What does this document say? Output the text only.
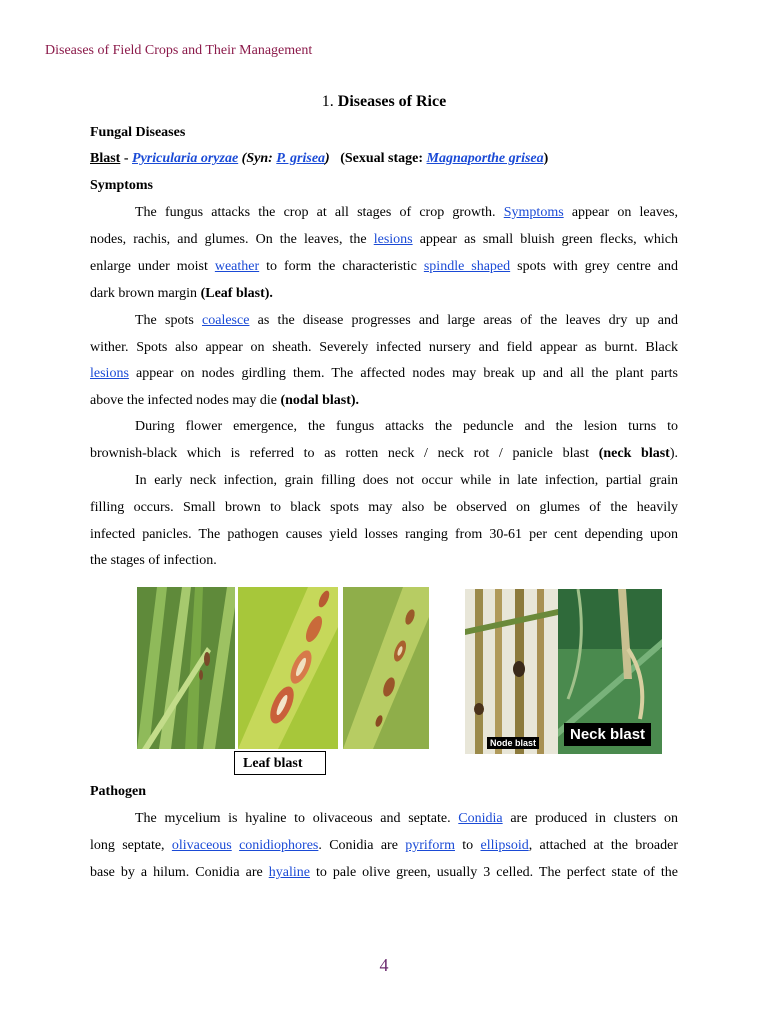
Diseases of Field Crops and Their Management
1. Diseases of Rice
Fungal Diseases
Blast - Pyricularia oryzae (Syn: P. grisea) (Sexual stage: Magnaporthe grisea)
Symptoms
The fungus attacks the crop at all stages of crop growth. Symptoms appear on leaves,
nodes, rachis, and glumes. On the leaves, the lesions appear as small bluish green flecks, which
enlarge under moist weather to form the characteristic spindle shaped spots with grey centre and
dark brown margin (Leaf blast).
The spots coalesce as the disease progresses and large areas of the leaves dry up and
wither. Spots also appear on sheath. Severely infected nursery and field appear as burnt. Black
lesions appear on nodes girdling them. The affected nodes may break up and all the plant parts
above the infected nodes may die (nodal blast).
During flower emergence, the fungus attacks the peduncle and the lesion turns to
brownish-black which is referred to as rotten neck / neck rot / panicle blast (neck blast).
In early neck infection, grain filling does not occur while in late infection, partial grain
filling occurs. Small brown to black spots may also be observed on glumes of the heavily
infected panicles. The pathogen causes yield losses ranging from 30-61 per cent depending upon
the stages of infection.
Leaf blast
Node blast	Neck blast
Pathogen
The mycelium is hyaline to olivaceous and septate. Conidia are produced in clusters on
long septate, olivaceous conidiophores. Conidia are pyriform to ellipsoid, attached at the broader
base by a hilum. Conidia are hyaline to pale olive green, usually 3 celled. The perfect state of the
4
